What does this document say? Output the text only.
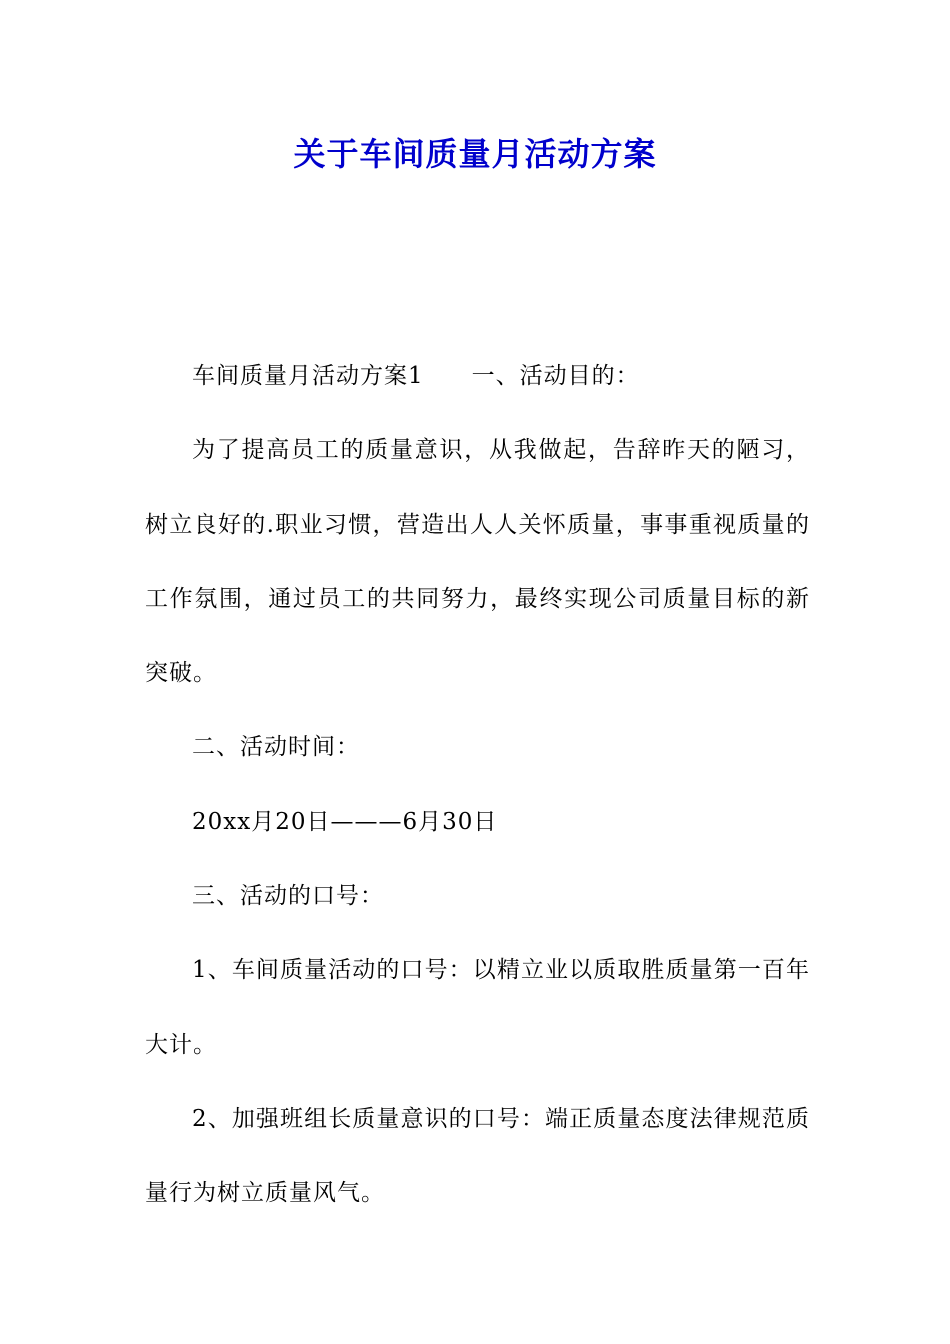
关于车间质量月活动方案

车间质量月活动方案1 一、活动目的：

为了提高员工的质量意识，从我做起，告辞昨天的陋习，树立良好的.职业习惯，营造出人人关怀质量，事事重视质量的工作氛围，通过员工的共同努力，最终实现公司质量目标的新突破。

二、活动时间：

20xx月20日———6月30日

三、活动的口号：

1、车间质量活动的口号：以精立业以质取胜质量第一百年大计。

2、加强班组长质量意识的口号：端正质量态度法律规范质量行为树立质量风气。
